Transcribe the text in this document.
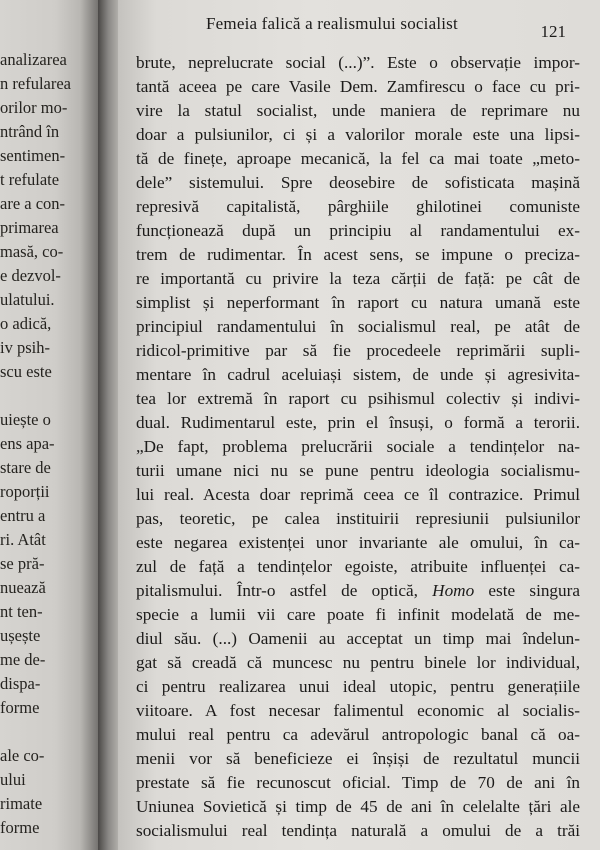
analizarea
n refularea
orilor mo-
ntrând în
sentimen-
t refulate
are a con-
primarea
masă, co-
e dezvol-
ulatului.
o adică,
iv psih-
scu este
uiește o
ens apa-
stare de
roporții
entru a
ri. Atât
se pră-
nuează
nt ten-
ușește
me de-
dispa-
forme
ale co-
ului
rimate
forme
Femeia falică a realismului socialist	121
brute, neprelucrate social (...)”. Este o observație impor-
tantă aceea pe care Vasile Dem. Zamfirescu o face cu pri-
vire la statul socialist, unde maniera de reprimare nu
doar a pulsiunilor, ci și a valorilor morale este una lipsi-
tă de finețe, aproape mecanică, la fel ca mai toate „meto-
dele” sistemului. Spre deosebire de sofisticata mașină
represivă capitalistă, pârghiile ghilotinei comuniste
funcționează după un principiu al randamentului ex-
trem de rudimentar. În acest sens, se impune o preciza-
re importantă cu privire la teza cărții de față: pe cât de
simplist și neperformant în raport cu natura umană este
principiul randamentului în socialismul real, pe atât de
ridicol-primitive par să fie procedeele reprimării supli-
mentare în cadrul aceluiași sistem, de unde și agresivita-
tea lor extremă în raport cu psihismul colectiv și indivi-
dual. Rudimentarul este, prin el însuși, o formă a terorii.
„De fapt, problema prelucrării sociale a tendințelor na-
turii umane nici nu se pune pentru ideologia socialismu-
lui real. Acesta doar reprimă ceea ce îl contrazice. Primul
pas, teoretic, pe calea instituirii represiunii pulsiunilor
este negarea existenței unor invariante ale omului, în ca-
zul de față a tendințelor egoiste, atribuite influenței ca-
pitalismului. Într-o astfel de optică, Homo este singura
specie a lumii vii care poate fi infinit modelată de me-
diul său. (...) Oamenii au acceptat un timp mai îndelun-
gat să creadă că muncesc nu pentru binele lor individual,
ci pentru realizarea unui ideal utopic, pentru generațiile
viitoare. A fost necesar falimentul economic al socialis-
mului real pentru ca adevărul antropologic banal că oa-
menii vor să beneficieze ei înșiși de rezultatul muncii
prestate să fie recunoscut oficial. Timp de 70 de ani în
Uniunea Sovietică și timp de 45 de ani în celelalte țări ale
socialismului real tendința naturală a omului de a trăi
